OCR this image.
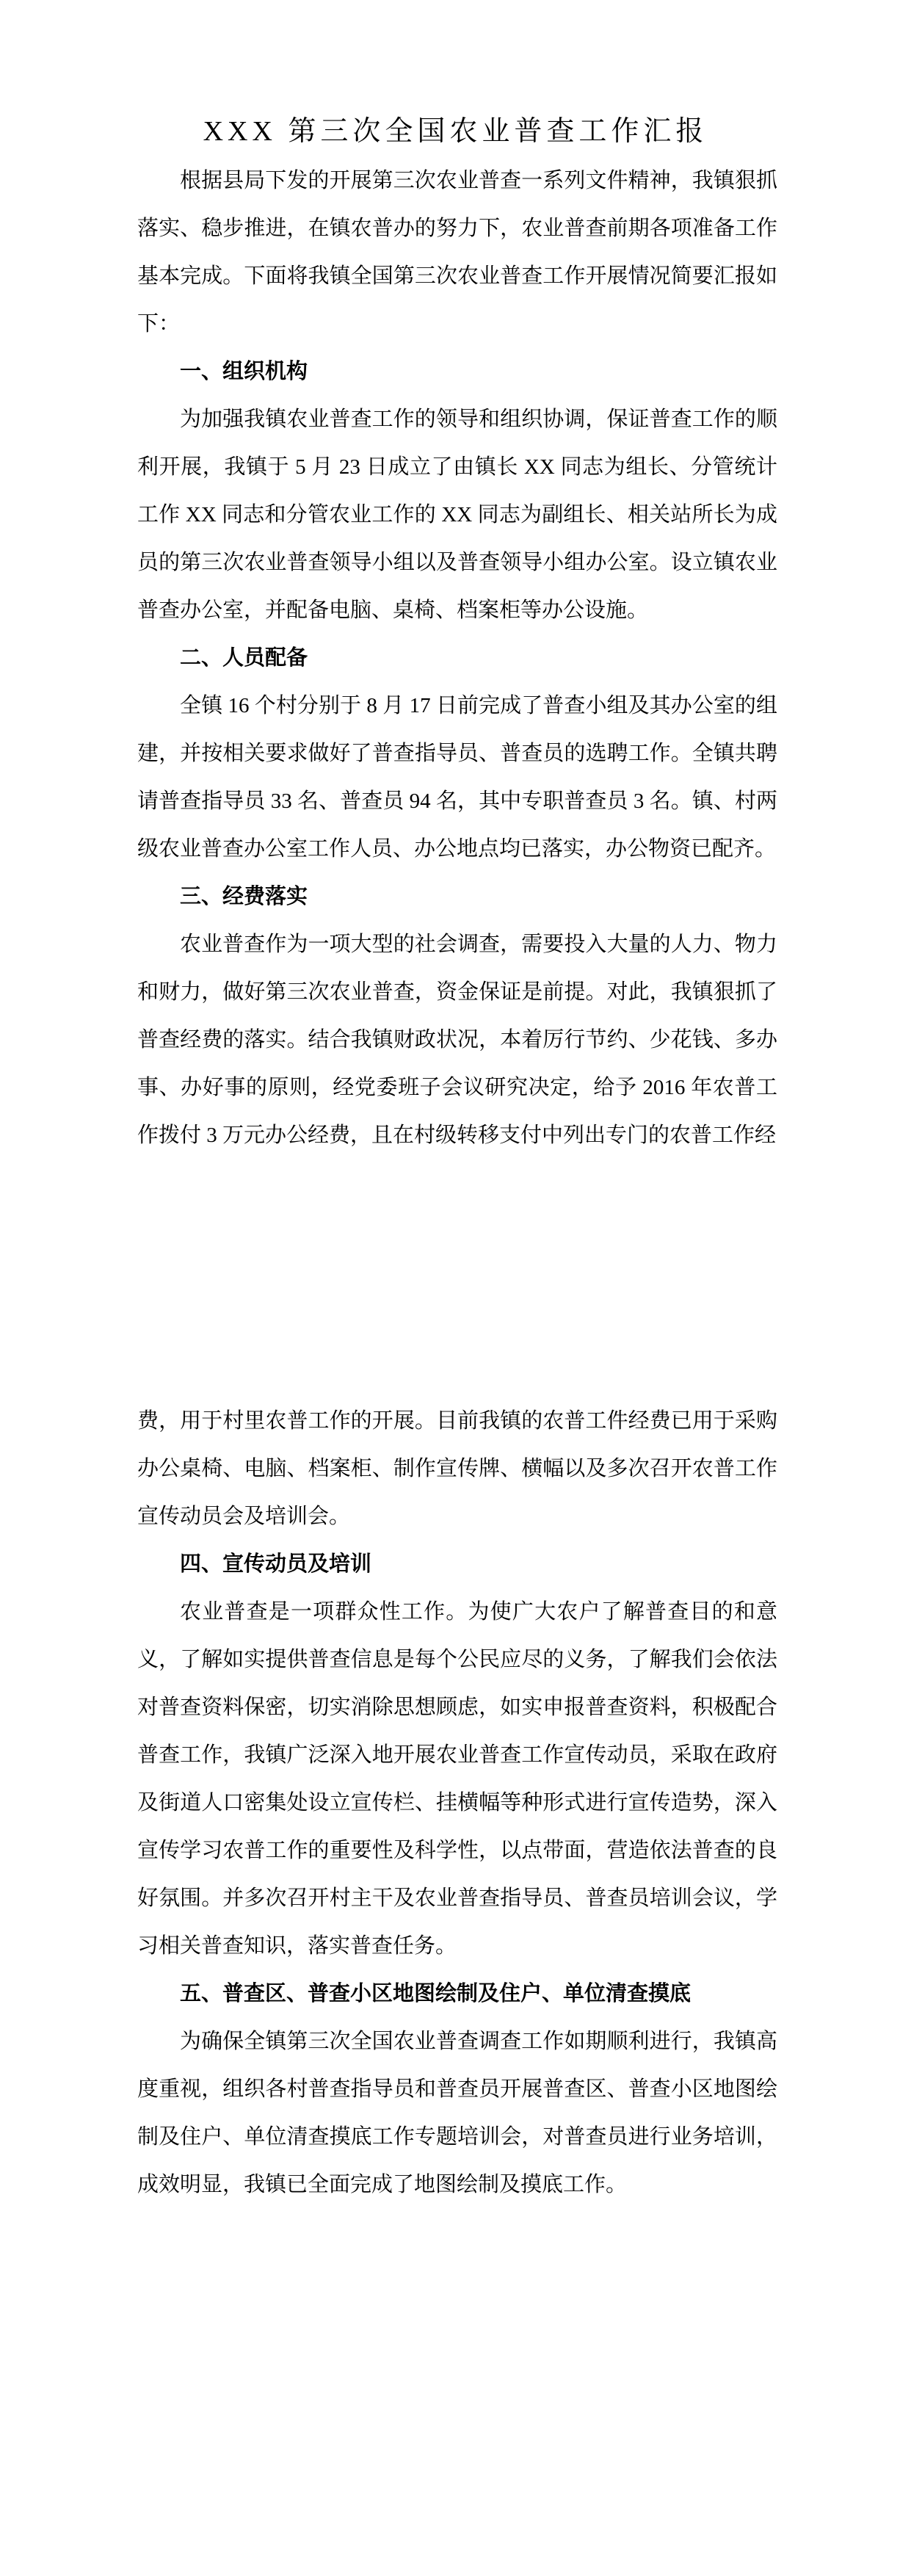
XXX 第三次全国农业普查工作汇报

根据县局下发的开展第三次农业普查一系列文件精神，我镇狠抓落实、稳步推进，在镇农普办的努力下，农业普查前期各项准备工作基本完成。下面将我镇全国第三次农业普查工作开展情况简要汇报如下：

一、组织机构

为加强我镇农业普查工作的领导和组织协调，保证普查工作的顺利开展，我镇于 5 月 23 日成立了由镇长 XX 同志为组长、分管统计工作 XX 同志和分管农业工作的 XX 同志为副组长、相关站所长为成员的第三次农业普查领导小组以及普查领导小组办公室。设立镇农业普查办公室，并配备电脑、桌椅、档案柜等办公设施。

二、人员配备

全镇 16 个村分别于 8 月 17 日前完成了普查小组及其办公室的组建，并按相关要求做好了普查指导员、普查员的选聘工作。全镇共聘请普查指导员 33 名、普查员 94 名，其中专职普查员 3 名。镇、村两级农业普查办公室工作人员、办公地点均已落实，办公物资已配齐。

三、经费落实

农业普查作为一项大型的社会调查，需要投入大量的人力、物力和财力，做好第三次农业普查，资金保证是前提。对此，我镇狠抓了普查经费的落实。结合我镇财政状况，本着厉行节约、少花钱、多办事、办好事的原则，经党委班子会议研究决定，给予 2016 年农普工作拨付 3 万元办公经费，且在村级转移支付中列出专门的农普工作经

费，用于村里农普工作的开展。目前我镇的农普工件经费已用于采购办公桌椅、电脑、档案柜、制作宣传牌、横幅以及多次召开农普工作宣传动员会及培训会。

四、宣传动员及培训

农业普查是一项群众性工作。为使广大农户了解普查目的和意义，了解如实提供普查信息是每个公民应尽的义务，了解我们会依法对普查资料保密，切实消除思想顾虑，如实申报普查资料，积极配合普查工作，我镇广泛深入地开展农业普查工作宣传动员，采取在政府及街道人口密集处设立宣传栏、挂横幅等种形式进行宣传造势，深入宣传学习农普工作的重要性及科学性，以点带面，营造依法普查的良好氛围。并多次召开村主干及农业普查指导员、普查员培训会议，学习相关普查知识，落实普查任务。

五、普查区、普查小区地图绘制及住户、单位清查摸底

为确保全镇第三次全国农业普查调查工作如期顺利进行，我镇高度重视，组织各村普查指导员和普查员开展普查区、普查小区地图绘制及住户、单位清查摸底工作专题培训会，对普查员进行业务培训，成效明显，我镇已全面完成了地图绘制及摸底工作。
